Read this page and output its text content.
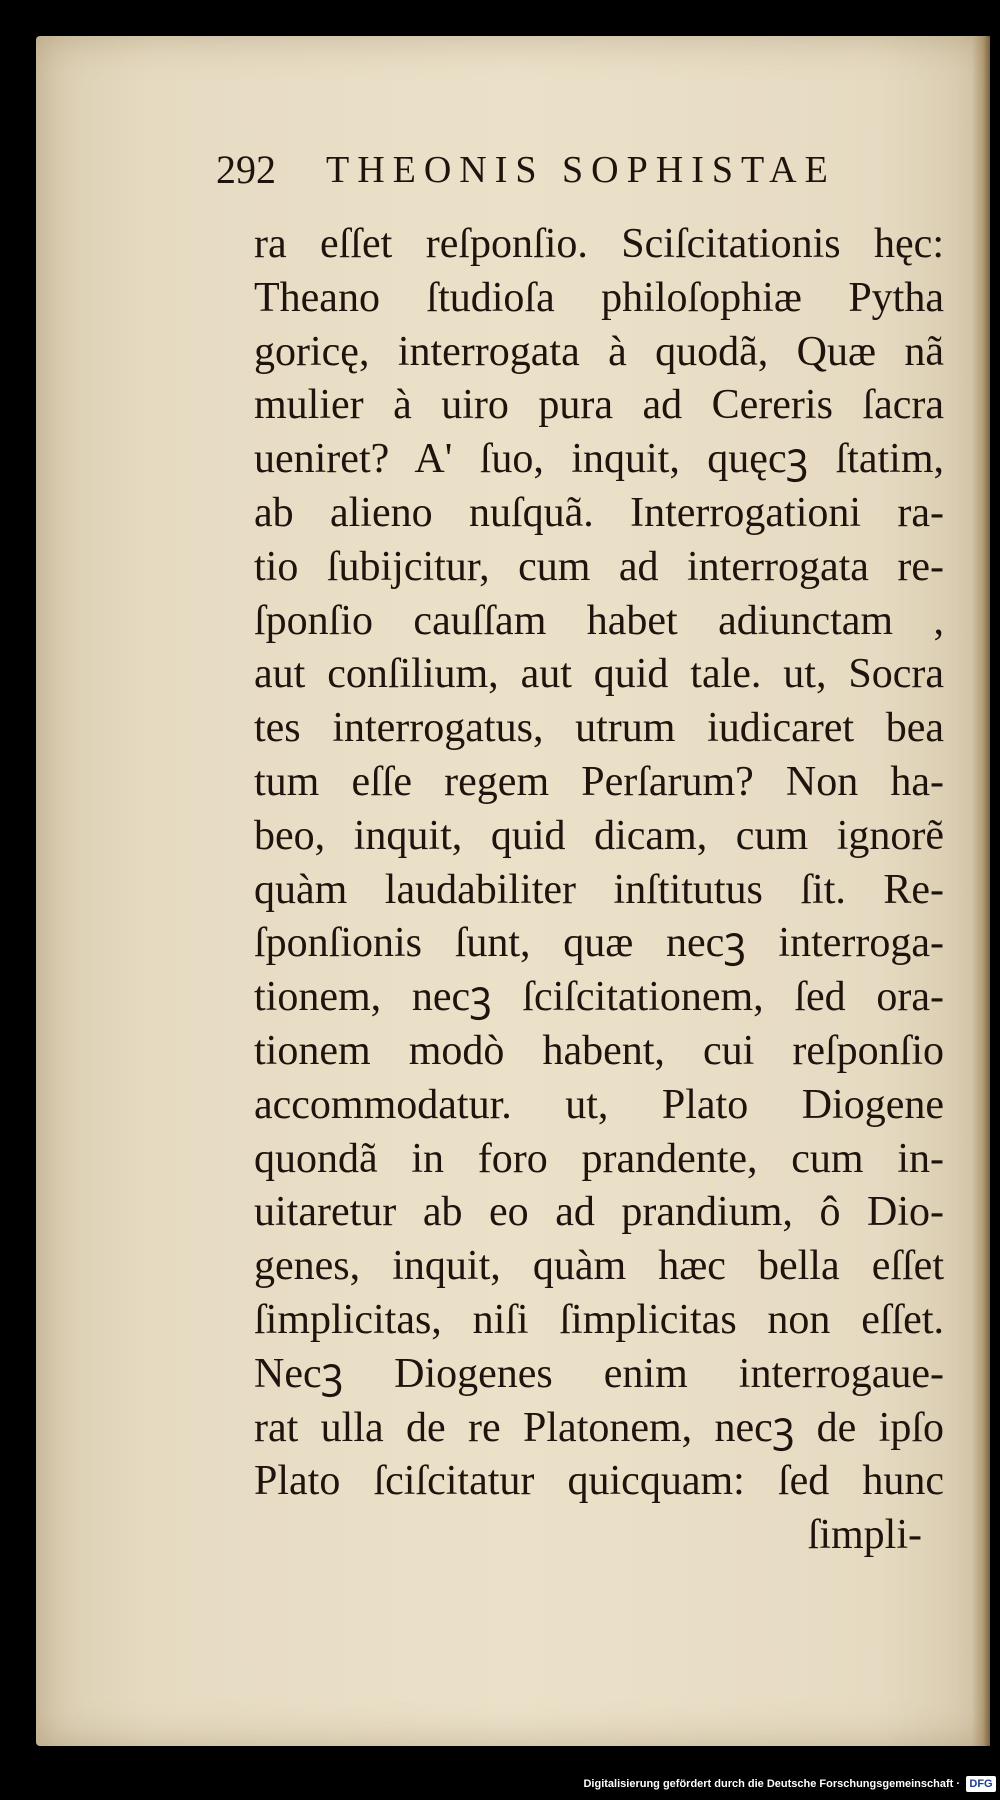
292 THEONIS SOPHISTAE
ra eſſet reſponſio. Sciſcitationis hęc:
Theano ſtudioſa philoſophiæ Pytha
goricę, interrogata à quodã, Quæ nã
mulier à uiro pura ad Cereris ſacra
ueniret? A' ſuo, inquit, quęcꝫ ſtatim,
ab alieno nuſquã. Interrogationi ra-
tio ſubijcitur, cum ad interrogata re-
ſponſio cauſſam habet adiunctam ,
aut conſilium, aut quid tale. ut, Socra
tes interrogatus, utrum iudicaret bea
tum eſſe regem Perſarum? Non ha-
beo, inquit, quid dicam, cum ignorẽ
quàm laudabiliter inſtitutus ſit. Re-
ſponſionis ſunt, quæ necꝫ interroga-
tionem, necꝫ ſciſcitationem, ſed ora-
tionem modò habent, cui reſponſio
accommodatur. ut, Plato Diogene
quondã in foro prandente, cum in-
uitaretur ab eo ad prandium, ô Dio-
genes, inquit, quàm hæc bella eſſet
ſimplicitas, niſi ſimplicitas non eſſet.
Necꝫ Diogenes enim interrogaue-
rat ulla de re Platonem, necꝫ de ipſo
Plato ſciſcitatur quicquam: ſed hunc
ſimpli-
Digitalisierung gefördert durch die Deutsche Forschungsgemeinschaft · DFG
